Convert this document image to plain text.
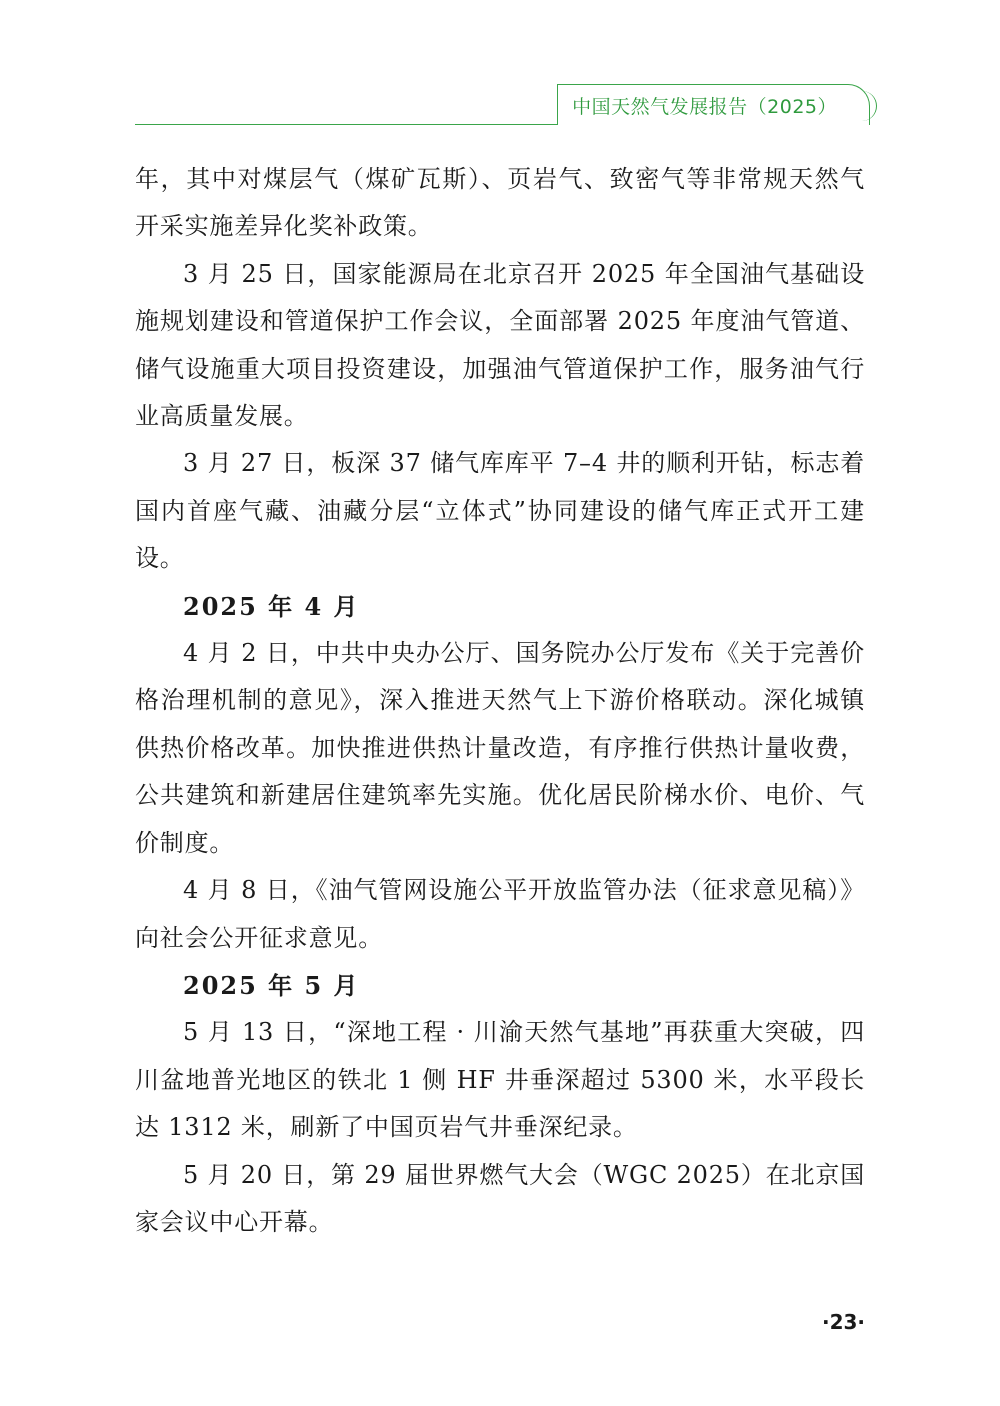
中国天然气发展报告（2025）

年，其中对煤层气（煤矿瓦斯）、页岩气、致密气等非常规天然气开采实施差异化奖补政策。

3 月 25 日，国家能源局在北京召开 2025 年全国油气基础设施规划建设和管道保护工作会议，全面部署 2025 年度油气管道、储气设施重大项目投资建设，加强油气管道保护工作，服务油气行业高质量发展。

3 月 27 日，板深 37 储气库库平 7–4 井的顺利开钻，标志着国内首座气藏、油藏分层“立体式”协同建设的储气库正式开工建设。

2025 年 4 月

4 月 2 日，中共中央办公厅、国务院办公厅发布《关于完善价格治理机制的意见》，深入推进天然气上下游价格联动。深化城镇供热价格改革。加快推进供热计量改造，有序推行供热计量收费，公共建筑和新建居住建筑率先实施。优化居民阶梯水价、电价、气价制度。

4 月 8 日，《油气管网设施公平开放监管办法（征求意见稿）》向社会公开征求意见。

2025 年 5 月

5 月 13 日，“深地工程 · 川渝天然气基地”再获重大突破，四川盆地普光地区的铁北 1 侧 HF 井垂深超过 5300 米，水平段长达 1312 米，刷新了中国页岩气井垂深纪录。

5 月 20 日，第 29 届世界燃气大会（WGC 2025）在北京国家会议中心开幕。

·23·
